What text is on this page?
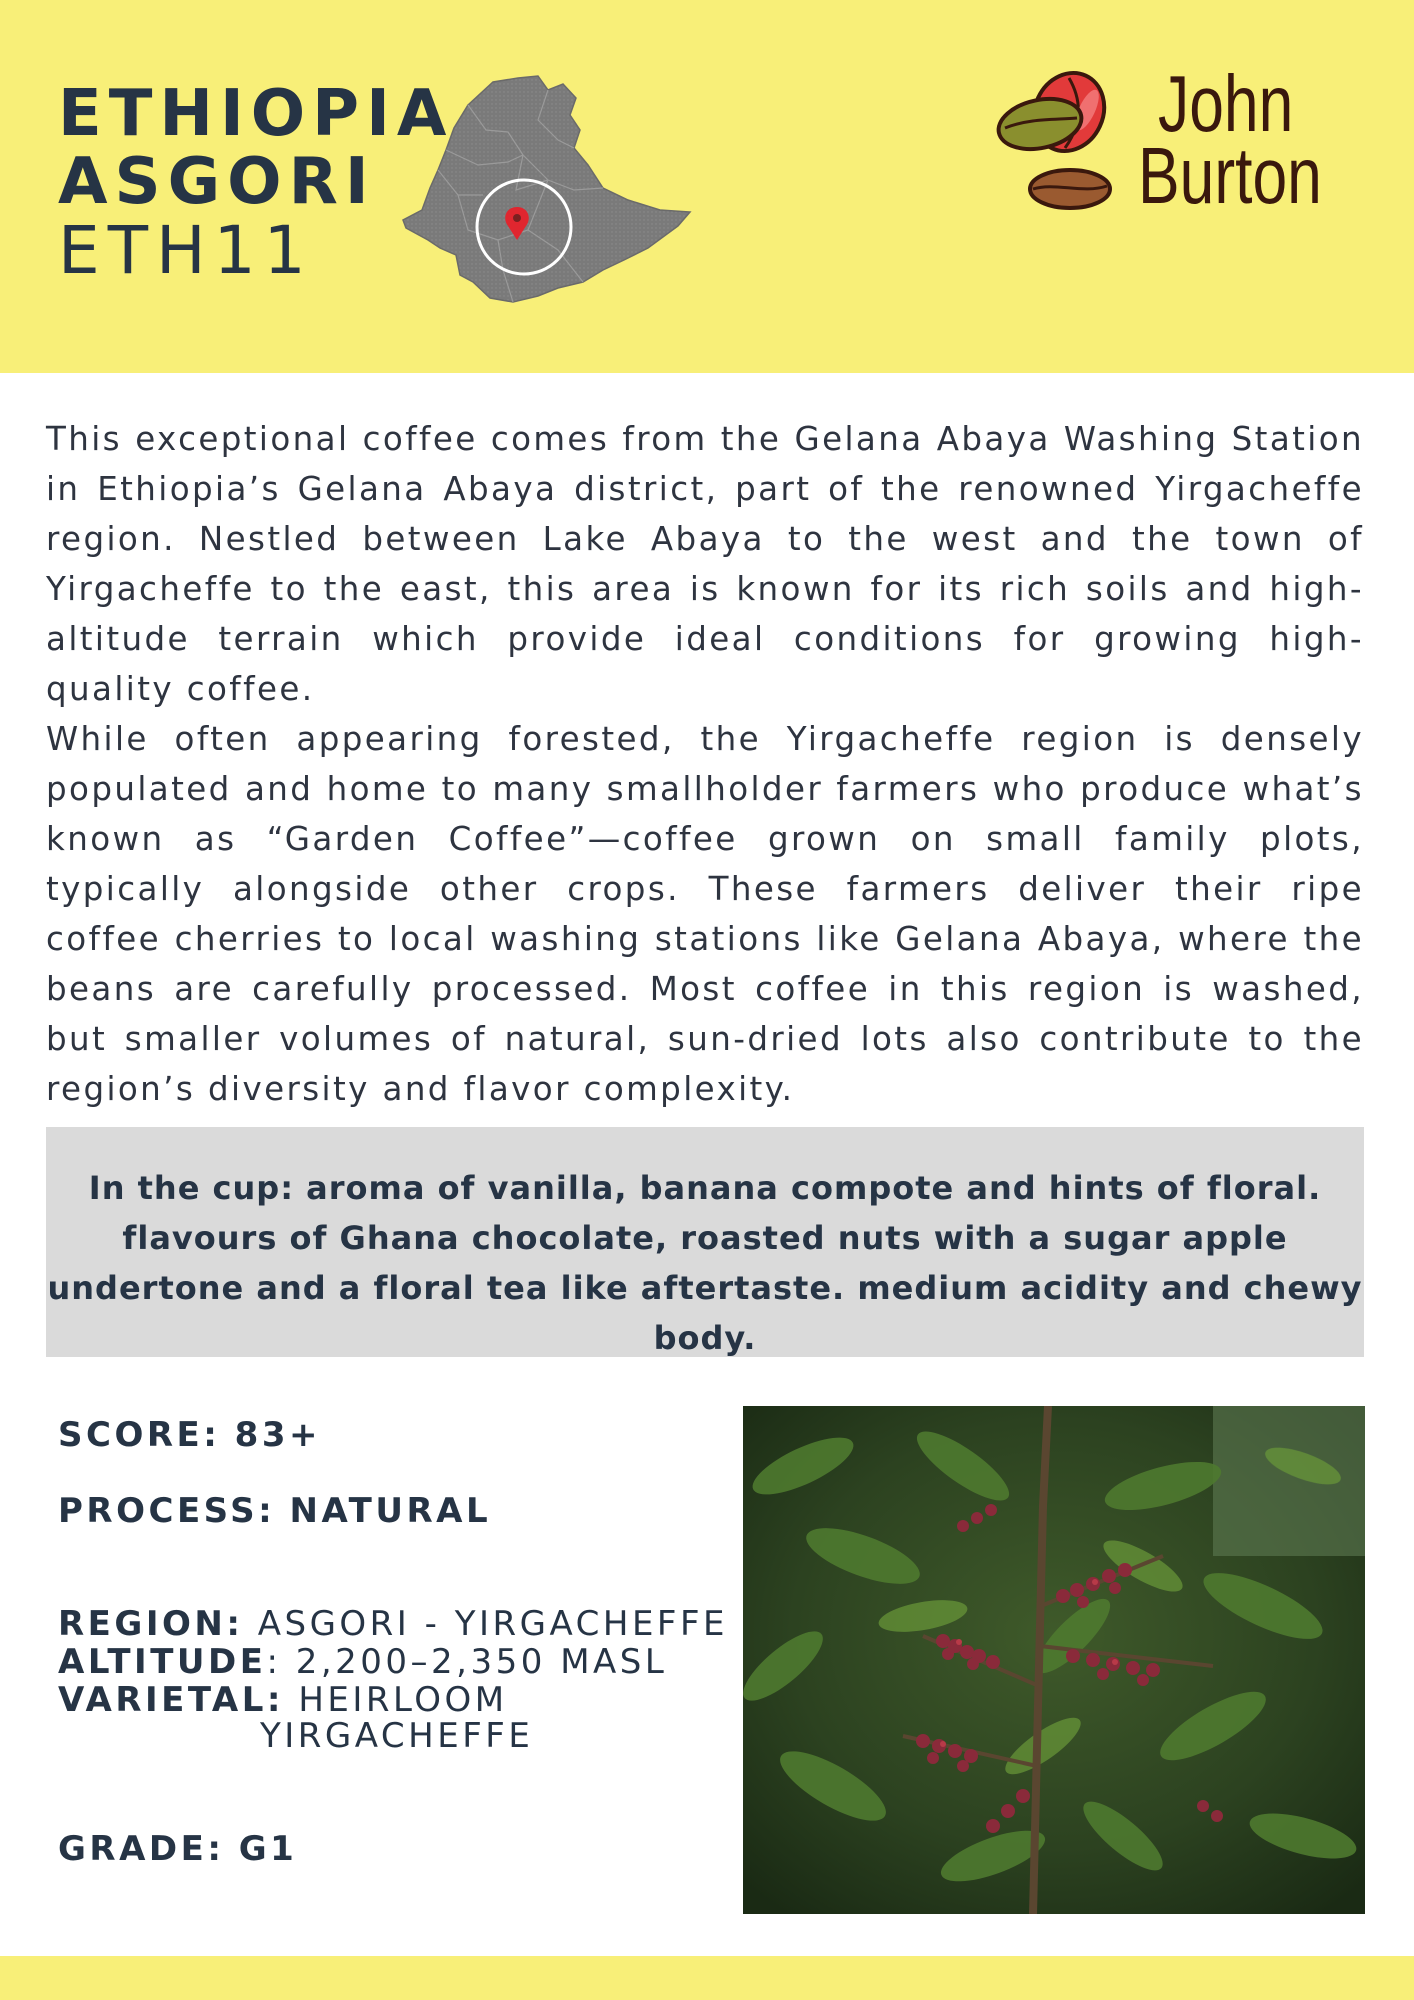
ETHIOPIA
ASGORI
ETH11
John
Burton

This exceptional coffee comes from the Gelana Abaya Washing Station in Ethiopia’s Gelana Abaya district, part of the renowned Yirgacheffe region. Nestled between Lake Abaya to the west and the town of Yirgacheffe to the east, this area is known for its rich soils and high-altitude terrain which provide ideal conditions for growing high-quality coffee.

While often appearing forested, the Yirgacheffe region is densely populated and home to many smallholder farmers who produce what’s known as “Garden Coffee”—coffee grown on small family plots, typically alongside other crops. These farmers deliver their ripe coffee cherries to local washing stations like Gelana Abaya, where the beans are carefully processed. Most coffee in this region is washed, but smaller volumes of natural, sun-dried lots also contribute to the region’s diversity and flavor complexity.

In the cup: aroma of vanilla, banana compote and hints of floral.
flavours of Ghana chocolate, roasted nuts with a sugar apple
undertone and a floral tea like aftertaste. medium acidity and chewy
body.
SCORE: 83+
PROCESS: NATURAL
REGION: ASGORI - YIRGACHEFFE
ALTITUDE: 2,200–2,350 MASL
VARIETAL: HEIRLOOM
YIRGACHEFFE
GRADE: G1
